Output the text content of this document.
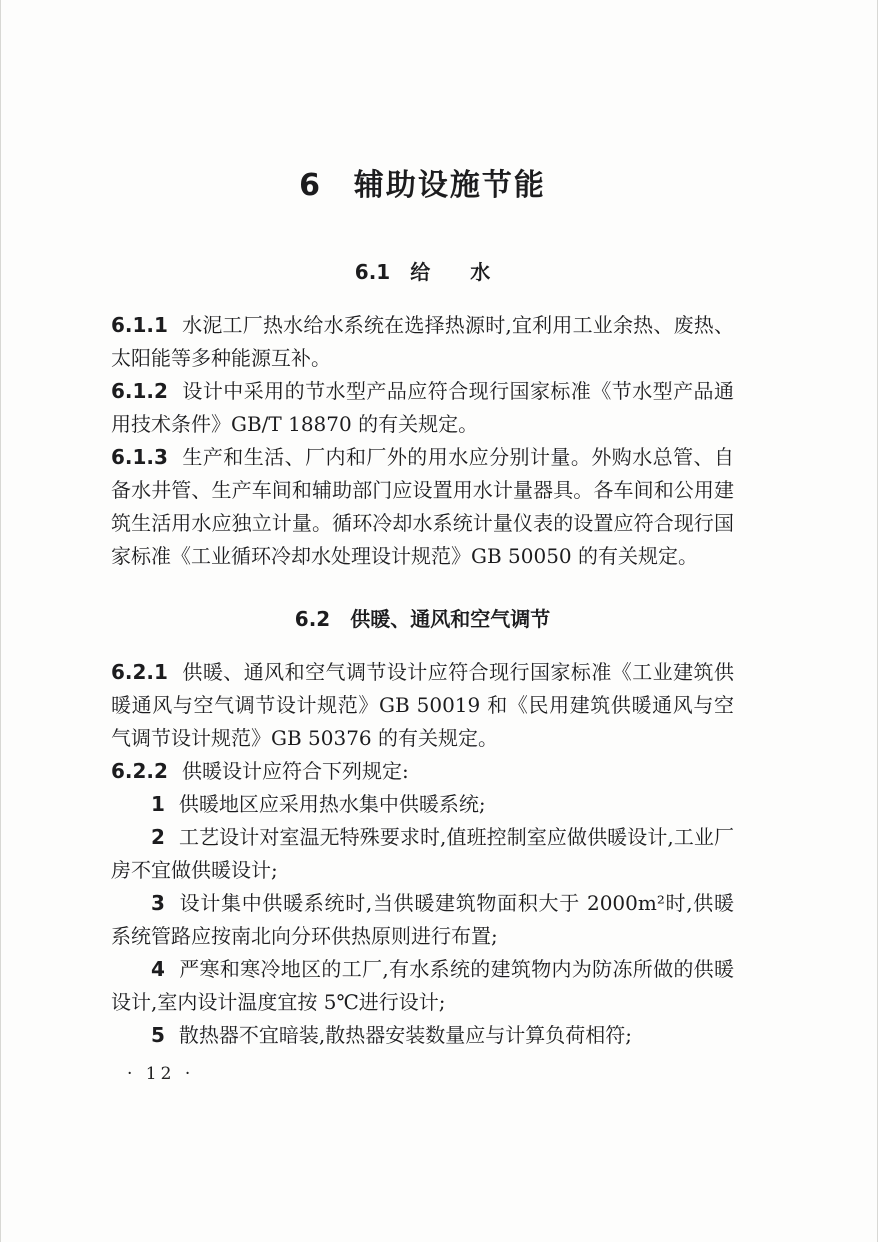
6　辅助设施节能
6.1　给　　水

6.1.1 水泥工厂热水给水系统在选择热源时,宜利用工业余热、废热、太阳能等多种能源互补。

6.1.2 设计中采用的节水型产品应符合现行国家标准《节水型产品通用技术条件》GB/T 18870 的有关规定。

6.1.3 生产和生活、厂内和厂外的用水应分别计量。外购水总管、自备水井管、生产车间和辅助部门应设置用水计量器具。各车间和公用建筑生活用水应独立计量。循环冷却水系统计量仪表的设置应符合现行国家标准《工业循环冷却水处理设计规范》GB 50050 的有关规定。

6.2　供暖、通风和空气调节

6.2.1 供暖、通风和空气调节设计应符合现行国家标准《工业建筑供暖通风与空气调节设计规范》GB 50019 和《民用建筑供暖通风与空气调节设计规范》GB 50376 的有关规定。

6.2.2 供暖设计应符合下列规定:

1 供暖地区应采用热水集中供暖系统;

2 工艺设计对室温无特殊要求时,值班控制室应做供暖设计,工业厂房不宜做供暖设计;

3 设计集中供暖系统时,当供暖建筑物面积大于 2000m²时,供暖系统管路应按南北向分环供热原则进行布置;

4 严寒和寒冷地区的工厂,有水系统的建筑物内为防冻所做的供暖设计,室内设计温度宜按 5℃进行设计;

5 散热器不宜暗装,散热器安装数量应与计算负荷相符;

· 12 ·
